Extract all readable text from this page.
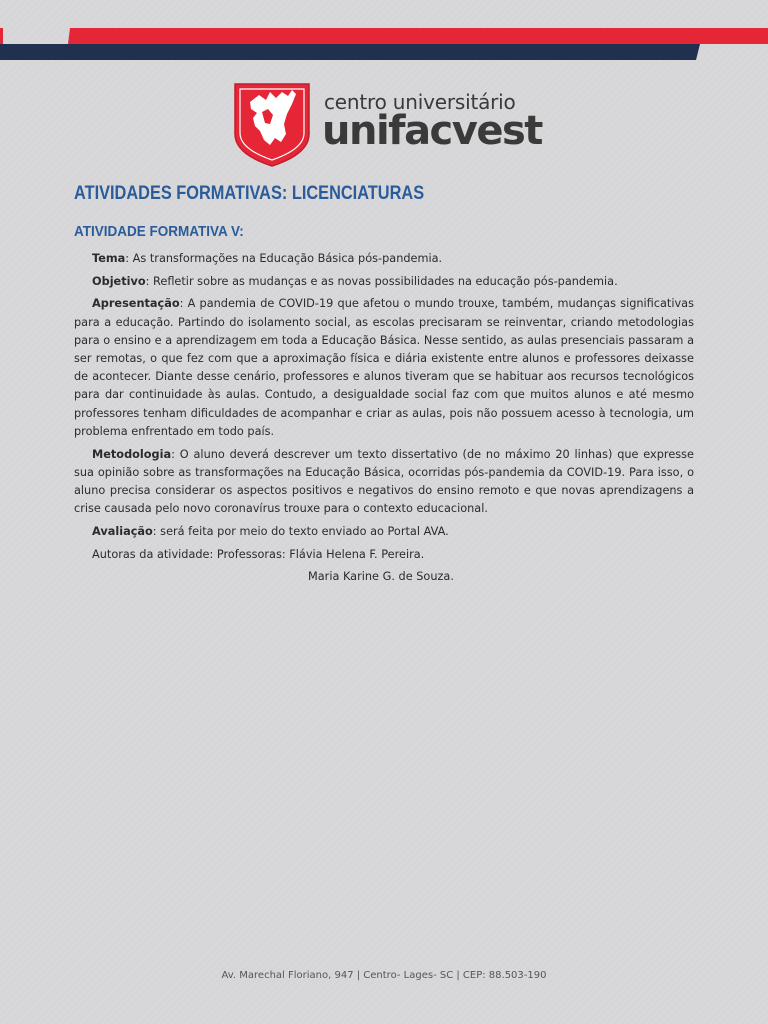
centro universitário
unifacvest
ATIVIDADES FORMATIVAS: LICENCIATURAS
ATIVIDADE FORMATIVA V:

Tema: As transformações na Educação Básica pós-pandemia.

Objetivo: Refletir sobre as mudanças e as novas possibilidades na educação pós-pandemia.

Apresentação: A pandemia de COVID-19 que afetou o mundo trouxe, também, mudanças significativas para a educação. Partindo do isolamento social, as escolas precisaram se reinventar, criando metodologias para o ensino e a aprendizagem em toda a Educação Básica. Nesse sentido, as aulas presenciais passaram a ser remotas, o que fez com que a aproximação física e diária existente entre alunos e professores deixasse de acontecer. Diante desse cenário, professores e alunos tiveram que se habituar aos recursos tecnológicos para dar continuidade às aulas. Contudo, a desigualdade social faz com que muitos alunos e até mesmo professores tenham dificuldades de acompanhar e criar as aulas, pois não possuem acesso à tecnologia, um problema enfrentado em todo país.

Metodologia: O aluno deverá descrever um texto dissertativo (de no máximo 20 linhas) que expresse sua opinião sobre as transformações na Educação Básica, ocorridas pós-pandemia da COVID-19. Para isso, o aluno precisa considerar os aspectos positivos e negativos do ensino remoto e que novas aprendizagens a crise causada pelo novo coronavírus trouxe para o contexto educacional.

Avaliação: será feita por meio do texto enviado ao Portal AVA.

Autoras da atividade: Professoras: Flávia Helena F. Pereira.

Maria Karine G. de Souza.

Av. Marechal Floriano, 947 | Centro- Lages- SC | CEP: 88.503-190
